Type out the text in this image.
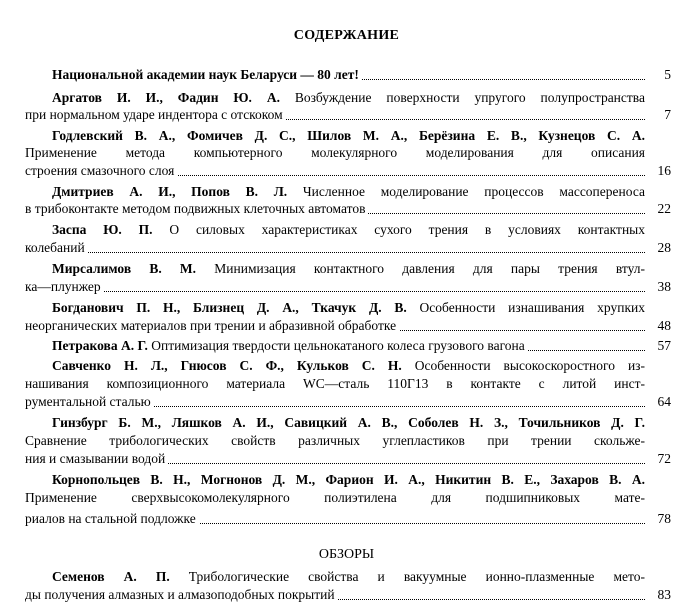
СОДЕРЖАНИЕ
Национальной академии наук Беларуси — 80 лет!	5
Аргатов И. И., Фадин Ю. А. Возбуждение поверхности упругого полупространства
при нормальном ударе индентора с отскоком	7
Годлевский В. А., Фомичев Д. С., Шилов М. А., Берёзина Е. В., Кузнецов С. А.
Применение метода компьютерного молекулярного моделирования для описания
строения смазочного слоя	16
Дмитриев А. И., Попов В. Л. Численное моделирование процессов массопереноса
в трибоконтакте методом подвижных клеточных автоматов	22
Заспа Ю. П. О силовых характеристиках сухого трения в условиях контактных
колебаний	28
Мирсалимов В. М. Минимизация контактного давления для пары трения втул-
ка—плунжер	38
Богданович П. Н., Близнец Д. А., Ткачук Д. В. Особенности изнашивания хрупких
неорганических материалов при трении и абразивной обработке	48
Петракова А. Г. Оптимизация твердости цельнокатаного колеса грузового вагона	57
Савченко Н. Л., Гнюсов С. Ф., Кульков С. Н. Особенности высокоскоростного из-
нашивания композиционного материала WC—сталь 110Г13 в контакте с литой инст-
рументальной сталью	64
Гинзбург Б. М., Ляшков А. И., Савицкий А. В., Соболев Н. З., Точильников Д. Г.
Сравнение трибологических свойств различных углепластиков при трении скольже-
ния и смазывании водой	72
Корнопольцев В. Н., Могнонов Д. М., Фарион И. А., Никитин В. Е., Захаров В. А.
Применение сверхвысокомолекулярного полиэтилена для подшипниковых мате-
риалов на стальной подложке	78
ОБЗОРЫ
Семенов А. П. Трибологические свойства и вакуумные ионно-плазменные мето-
ды получения алмазных и алмазоподобных покрытий	83
